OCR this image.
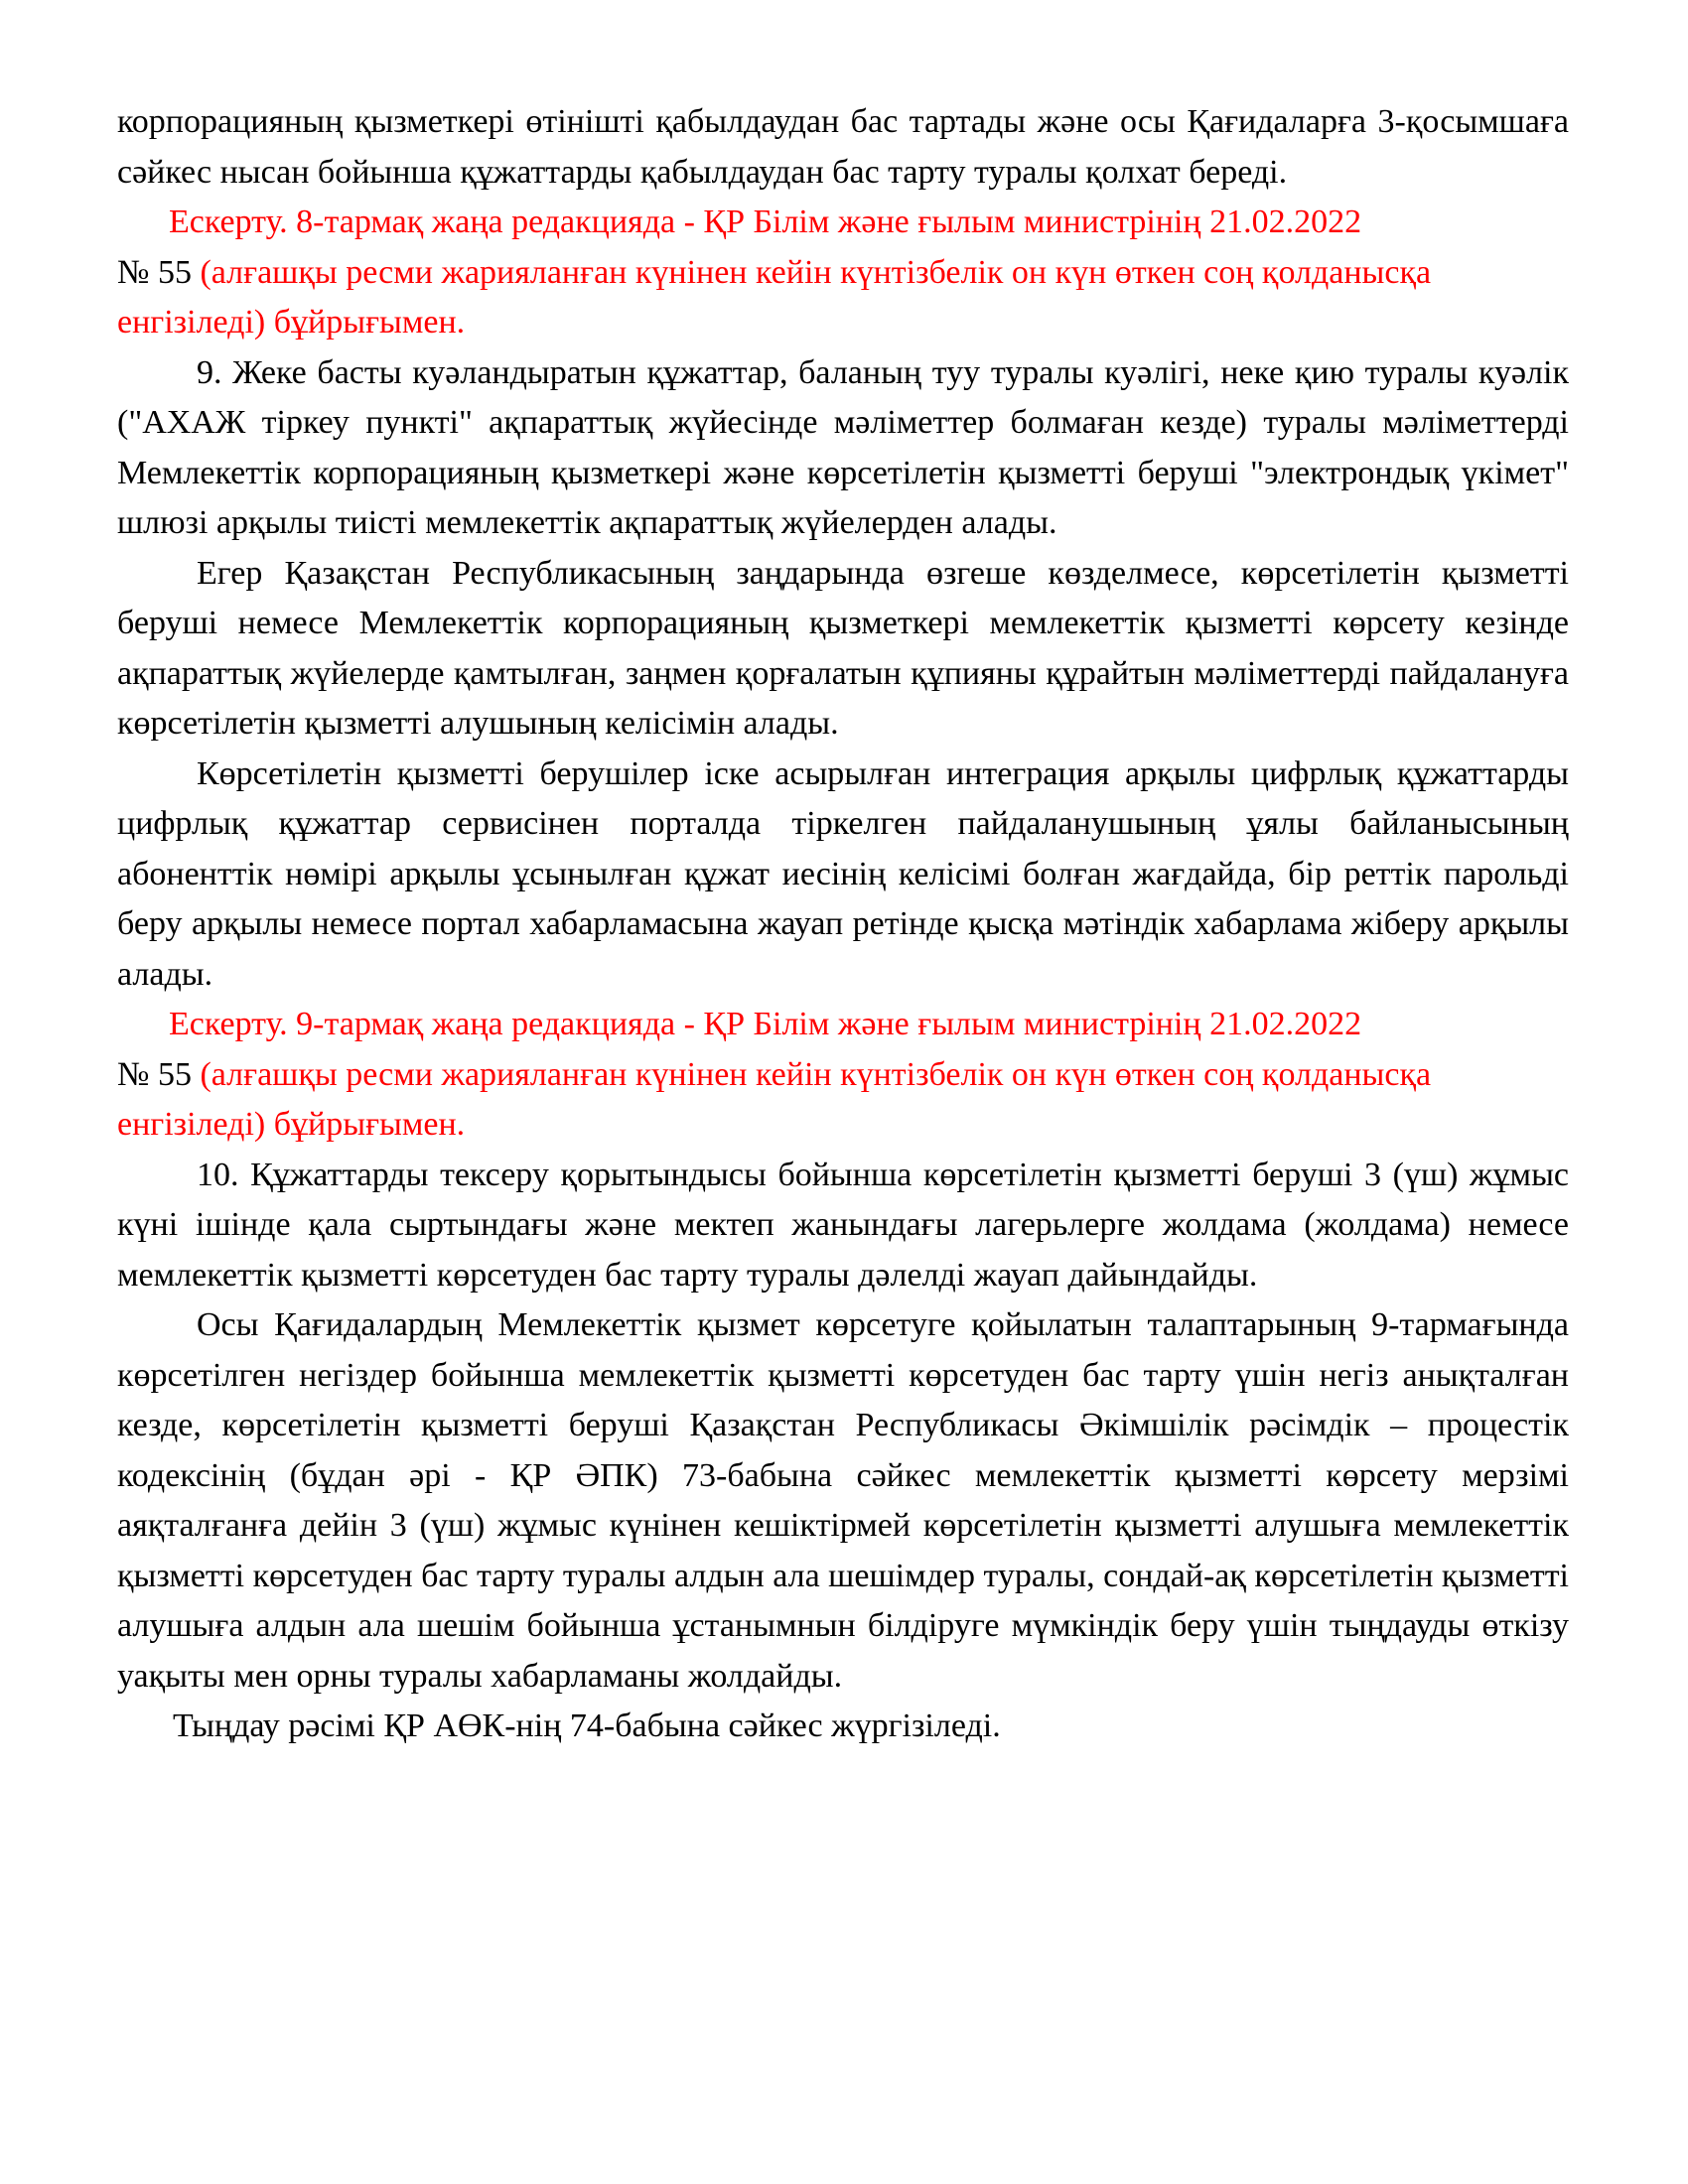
корпорацияның қызметкері өтінішті қабылдаудан бас тартады және осы Қағидаларға 3-қосымшаға сәйкес нысан бойынша құжаттарды қабылдаудан бас тарту туралы қолхат береді.

Ескерту. 8-тармақ жаңа редакцияда - ҚР Білім және ғылым министрінің 21.02.2022
№ 55 (алғашқы ресми жарияланған күнінен кейін күнтізбелік он күн өткен соң қолданысқа енгізіледі) бұйрығымен.

9. Жеке басты куәландыратын құжаттар, баланың туу туралы куәлігі, неке қию туралы куәлік ("АХАЖ тіркеу пункті" ақпараттық жүйесінде мәліметтер болмаған кезде) туралы мәліметтерді Мемлекеттік корпорацияның қызметкері және көрсетілетін қызметті беруші "электрондық үкімет" шлюзі арқылы тиісті мемлекеттік ақпараттық жүйелерден алады.

Егер Қазақстан Республикасының заңдарында өзгеше көзделмесе, көрсетілетін қызметті беруші немесе Мемлекеттік корпорацияның қызметкері мемлекеттік қызметті көрсету кезінде ақпараттық жүйелерде қамтылған, заңмен қорғалатын құпияны құрайтын мәліметтерді пайдалануға көрсетілетін қызметті алушының келісімін алады.

Көрсетілетін қызметті берушілер іске асырылған интеграция арқылы цифрлық құжаттарды цифрлық құжаттар сервисінен порталда тіркелген пайдаланушының ұялы байланысының абоненттік нөмірі арқылы ұсынылған құжат иесінің келісімі болған жағдайда, бір реттік парольді беру арқылы немесе портал хабарламасына жауап ретінде қысқа мәтіндік хабарлама жіберу арқылы алады.

Ескерту. 9-тармақ жаңа редакцияда - ҚР Білім және ғылым министрінің 21.02.2022
№ 55 (алғашқы ресми жарияланған күнінен кейін күнтізбелік он күн өткен соң қолданысқа енгізіледі) бұйрығымен.

10. Құжаттарды тексеру қорытындысы бойынша көрсетілетін қызметті беруші 3 (үш) жұмыс күні ішінде қала сыртындағы және мектеп жанындағы лагерьлерге жолдама (жолдама) немесе мемлекеттік қызметті көрсетуден бас тарту туралы дәлелді жауап дайындайды.

Осы Қағидалардың Мемлекеттік қызмет көрсетуге қойылатын талаптарының 9-тармағында көрсетілген негіздер бойынша мемлекеттік қызметті көрсетуден бас тарту үшін негіз анықталған кезде, көрсетілетін қызметті беруші Қазақстан Республикасы Әкімшілік рәсімдік – процестік кодексінің (бұдан әрі - ҚР ӘПК) 73-бабына сәйкес мемлекеттік қызметті көрсету мерзімі аяқталғанға дейін 3 (үш) жұмыс күнінен кешіктірмей көрсетілетін қызметті алушыға мемлекеттік қызметті көрсетуден бас тарту туралы алдын ала шешімдер туралы, сондай-ақ көрсетілетін қызметті алушыға алдын ала шешім бойынша ұстанымнын білдіруге мүмкіндік беру үшін тыңдауды өткізу уақыты мен орны туралы хабарламаны жолдайды.

Тыңдау рәсімі ҚР АӨК-нің 74-бабына сәйкес жүргізіледі.
